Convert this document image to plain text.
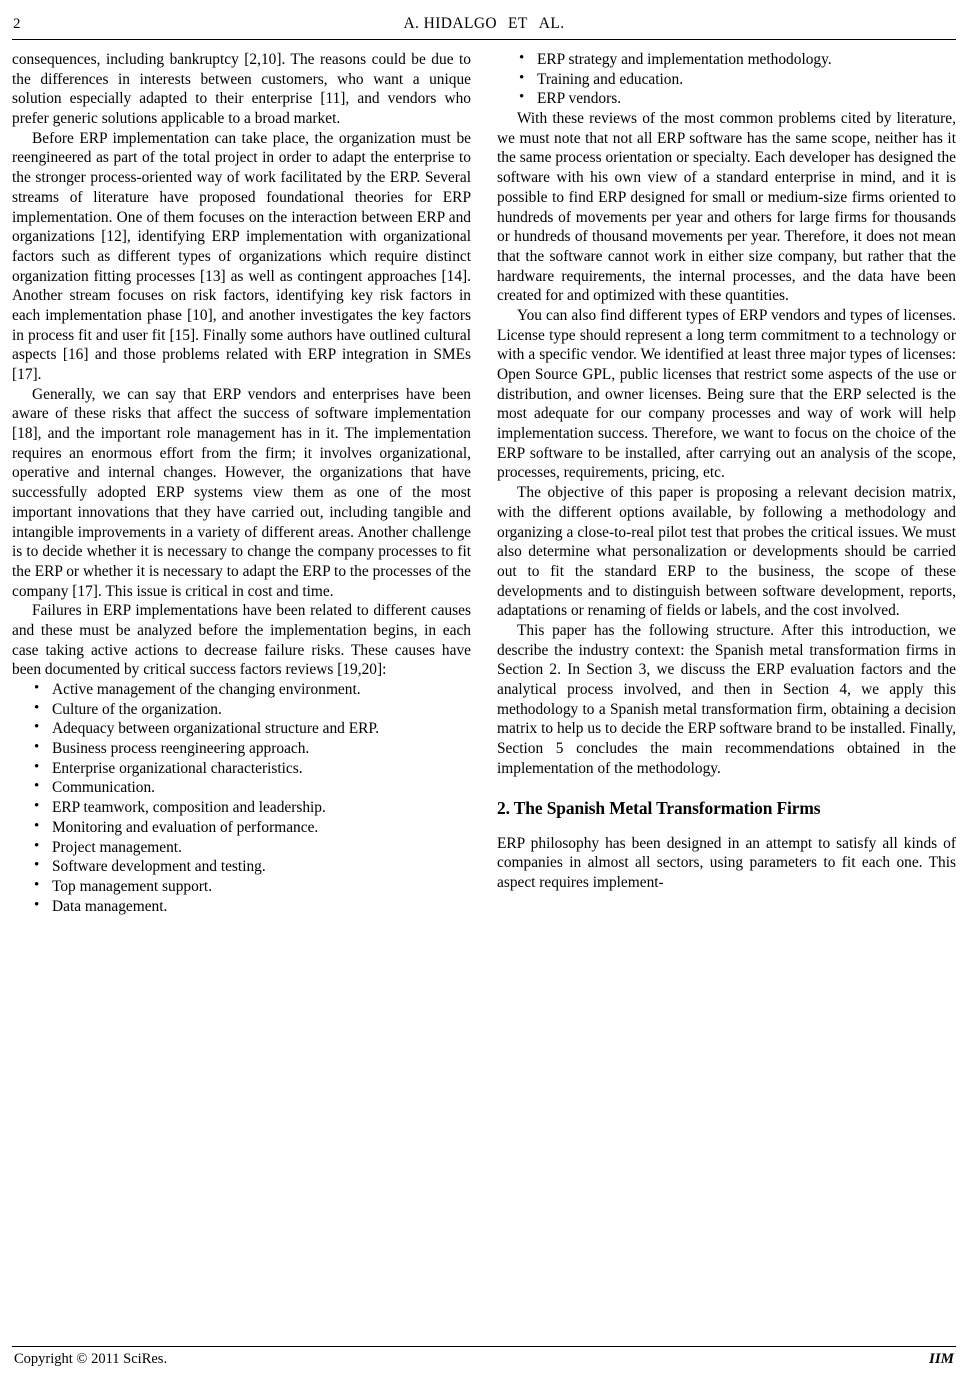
2	A. HIDALGO ET AL.

consequences, including bankruptcy [2,10]. The reasons could be due to the differences in interests between customers, who want a unique solution especially adapted to their enterprise [11], and vendors who prefer generic solutions applicable to a broad market.

Before ERP implementation can take place, the organization must be reengineered as part of the total project in order to adapt the enterprise to the stronger process-oriented way of work facilitated by the ERP. Several streams of literature have proposed foundational theories for ERP implementation. One of them focuses on the interaction between ERP and organizations [12], identifying ERP implementation with organizational factors such as different types of organizations which require distinct organization fitting processes [13] as well as contingent approaches [14]. Another stream focuses on risk factors, identifying key risk factors in each implementation phase [10], and another investigates the key factors in process fit and user fit [15]. Finally some authors have outlined cultural aspects [16] and those problems related with ERP integration in SMEs [17].

Generally, we can say that ERP vendors and enterprises have been aware of these risks that affect the success of software implementation [18], and the important role management has in it. The implementation requires an enormous effort from the firm; it involves organizational, operative and internal changes. However, the organizations that have successfully adopted ERP systems view them as one of the most important innovations that they have carried out, including tangible and intangible improvements in a variety of different areas. Another challenge is to decide whether it is necessary to change the company processes to fit the ERP or whether it is necessary to adapt the ERP to the processes of the company [17]. This issue is critical in cost and time.

Failures in ERP implementations have been related to different causes and these must be analyzed before the implementation begins, in each case taking active actions to decrease failure risks. These causes have been documented by critical success factors reviews [19,20]:

• Active management of the changing environment.
• Culture of the organization.
• Adequacy between organizational structure and ERP.
• Business process reengineering approach.
• Enterprise organizational characteristics.
• Communication.
• ERP teamwork, composition and leadership.
• Monitoring and evaluation of performance.
• Project management.
• Software development and testing.
• Top management support.
• Data management.
• ERP strategy and implementation methodology.
• Training and education.
• ERP vendors.

With these reviews of the most common problems cited by literature, we must note that not all ERP software has the same scope, neither has it the same process orientation or specialty. Each developer has designed the software with his own view of a standard enterprise in mind, and it is possible to find ERP designed for small or medium-size firms oriented to hundreds of movements per year and others for large firms for thousands or hundreds of thousand movements per year. Therefore, it does not mean that the software cannot work in either size company, but rather that the hardware requirements, the internal processes, and the data have been created for and optimized with these quantities.

You can also find different types of ERP vendors and types of licenses. License type should represent a long term commitment to a technology or with a specific vendor. We identified at least three major types of licenses: Open Source GPL, public licenses that restrict some aspects of the use or distribution, and owner licenses. Being sure that the ERP selected is the most adequate for our company processes and way of work will help implementation success. Therefore, we want to focus on the choice of the ERP software to be installed, after carrying out an analysis of the scope, processes, requirements, pricing, etc.

The objective of this paper is proposing a relevant decision matrix, with the different options available, by following a methodology and organizing a close-to-real pilot test that probes the critical issues. We must also determine what personalization or developments should be carried out to fit the standard ERP to the business, the scope of these developments and to distinguish between software development, reports, adaptations or renaming of fields or labels, and the cost involved.

This paper has the following structure. After this introduction, we describe the industry context: the Spanish metal transformation firms in Section 2. In Section 3, we discuss the ERP evaluation factors and the analytical process involved, and then in Section 4, we apply this methodology to a Spanish metal transformation firm, obtaining a decision matrix to help us to decide the ERP software brand to be installed. Finally, Section 5 concludes the main recommendations obtained in the implementation of the methodology.

2. The Spanish Metal Transformation Firms

ERP philosophy has been designed in an attempt to satisfy all kinds of companies in almost all sectors, using parameters to fit each one. This aspect requires implement-

Copyright © 2011 SciRes.	IIM
